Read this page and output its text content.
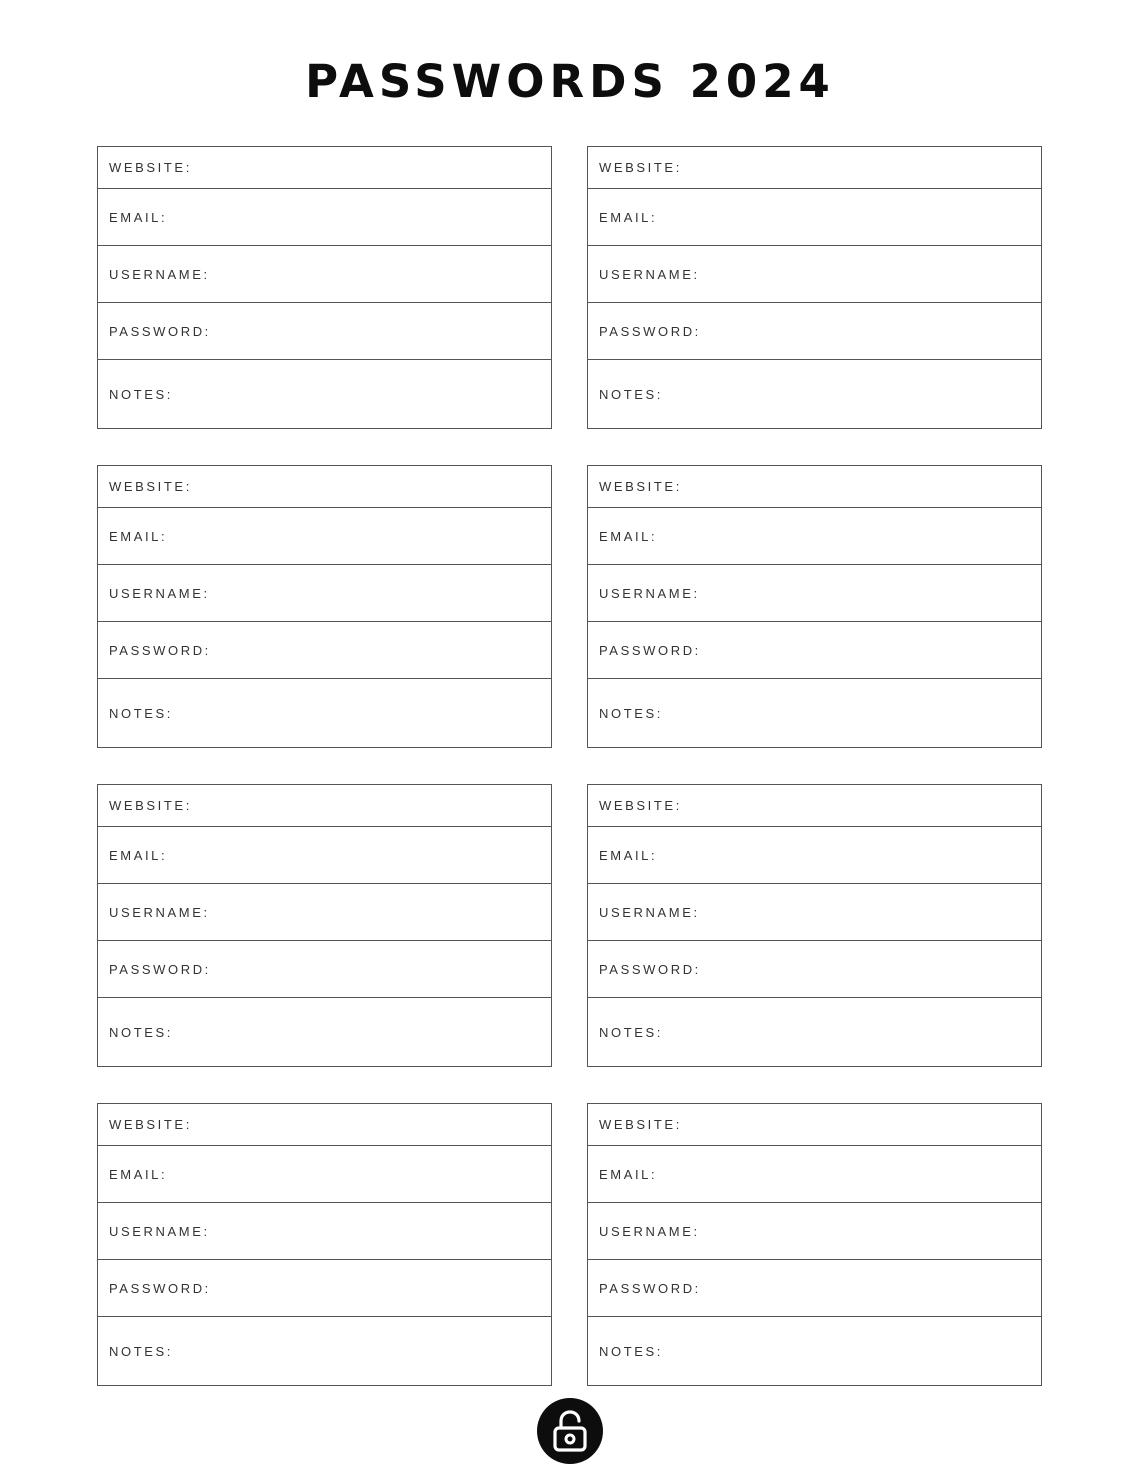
PASSWORDS 2024
WEBSITE:
EMAIL:
USERNAME:
PASSWORD:
NOTES:
WEBSITE:
EMAIL:
USERNAME:
PASSWORD:
NOTES:
WEBSITE:
EMAIL:
USERNAME:
PASSWORD:
NOTES:
WEBSITE:
EMAIL:
USERNAME:
PASSWORD:
NOTES:
WEBSITE:
EMAIL:
USERNAME:
PASSWORD:
NOTES:
WEBSITE:
EMAIL:
USERNAME:
PASSWORD:
NOTES:
WEBSITE:
EMAIL:
USERNAME:
PASSWORD:
NOTES:
WEBSITE:
EMAIL:
USERNAME:
PASSWORD:
NOTES:
